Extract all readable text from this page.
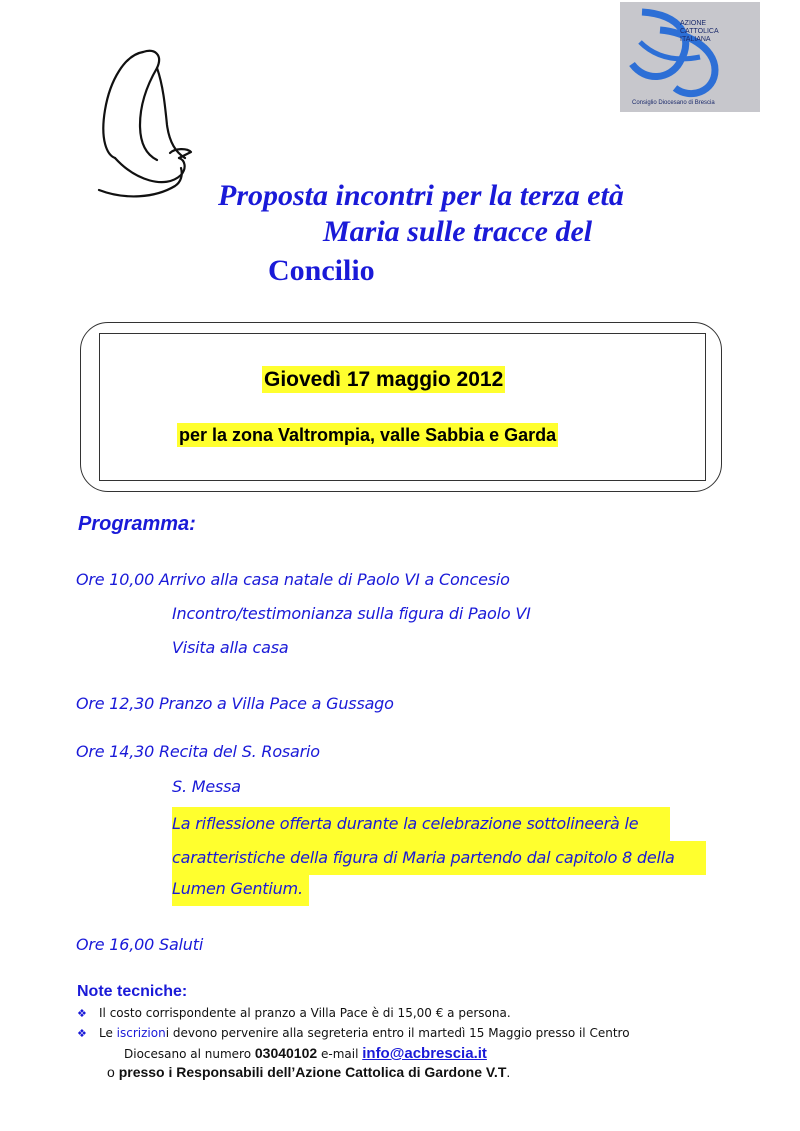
AZIONE
CATTOLICA
ITALIANA
Consiglio Diocesano di Brescia
Proposta incontri per la terza età
Maria sulle tracce del
Concilio
Giovedì 17 maggio 2012
per la zona Valtrompia, valle Sabbia e Garda
Programma:
Ore 10,00 Arrivo alla casa natale di Paolo VI a Concesio
Incontro/testimonianza sulla figura di Paolo VI
Visita alla casa
Ore 12,30 Pranzo a Villa Pace a Gussago
Ore 14,30 Recita del S. Rosario
S. Messa
La riflessione offerta durante la celebrazione sottolineerà le
caratteristiche della figura di Maria partendo dal capitolo 8 della
Lumen Gentium.
Ore 16,00 Saluti
Note tecniche:
❖ Il costo corrispondente al pranzo a Villa Pace è di 15,00 € a persona.
❖ Le iscrizioni devono pervenire alla segreteria entro il martedì 15 Maggio presso il Centro
Diocesano al numero 03040102 e-mail info@acbrescia.it
o presso i Responsabili dell’Azione Cattolica di Gardone V.T.
